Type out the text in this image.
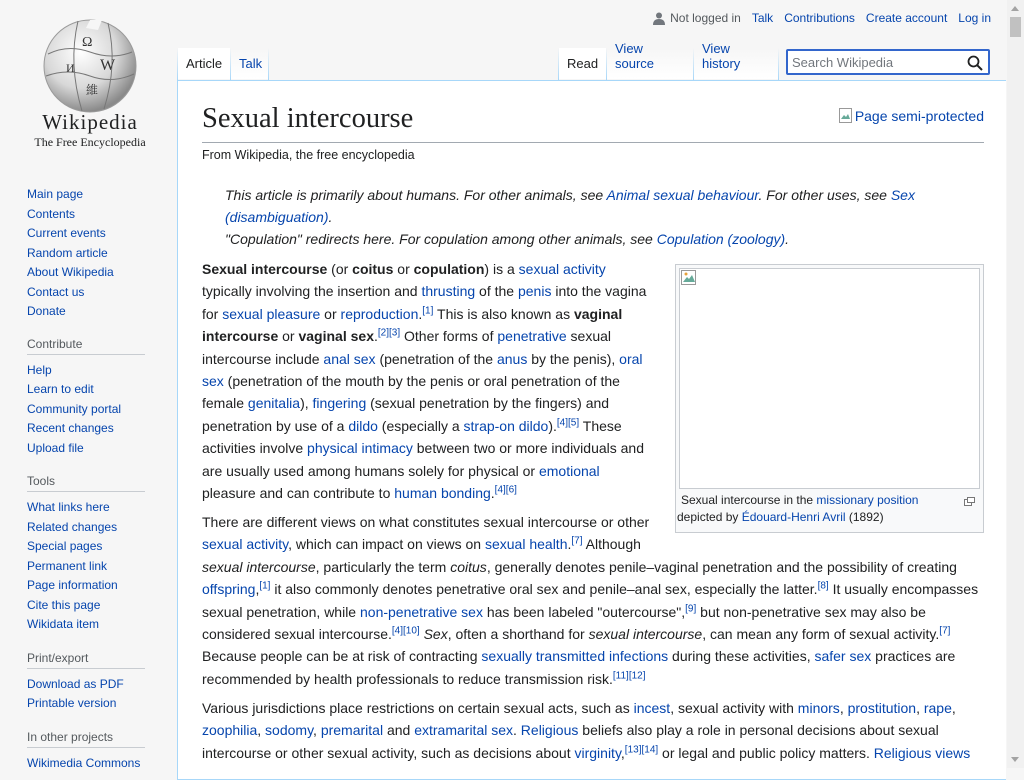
Ω
W
И
維
Wikipedia
The Free Encyclopedia
Not logged in Talk Contributions Create account Log in
Article	Talk	Read
View source
View history
Search Wikipedia
Main page
Contents
Current events
Random article
About Wikipedia
Contact us
Donate
Contribute
Help
Learn to edit
Community portal
Recent changes
Upload file
Tools
What links here
Related changes
Special pages
Permanent link
Page information
Cite this page
Wikidata item
Print/export
Download as PDF
Printable version
In other projects
Wikimedia Commons
Sexual intercourse	Page semi-protected
From Wikipedia, the free encyclopedia
This article is primarily about humans. For other animals, see Animal sexual behaviour. For other uses, see Sex (disambiguation).
"Copulation" redirects here. For copulation among other animals, see Copulation (zoology).
Sexual intercourse in the missionary position
depicted by Édouard-Henri Avril (1892)
Sexual intercourse (or coitus or copulation) is a sexual activity typically involving the insertion and thrusting of the penis into the vagina for sexual pleasure or reproduction.[1] This is also known as vaginal intercourse or vaginal sex.[2][3] Other forms of penetrative sexual intercourse include anal sex (penetration of the anus by the penis), oral sex (penetration of the mouth by the penis or oral penetration of the female genitalia), fingering (sexual penetration by the fingers) and penetration by use of a dildo (especially a strap-on dildo).[4][5] These activities involve physical intimacy between two or more individuals and are usually used among humans solely for physical or emotional pleasure and can contribute to human bonding.[4][6]
There are different views on what constitutes sexual intercourse or other
sexual activity, which can impact on views on sexual health.[7] Although
sexual intercourse, particularly the term coitus, generally denotes penile–vaginal penetration and the possibility of creating offspring,[1] it also commonly denotes penetrative oral sex and penile–anal sex, especially the latter.[8] It usually encompasses sexual penetration, while non-penetrative sex has been labeled "outercourse",[9] but non-penetrative sex may also be considered sexual intercourse.[4][10] Sex, often a shorthand for sexual intercourse, can mean any form of sexual activity.[7] Because people can be at risk of contracting sexually transmitted infections during these activities, safer sex practices are recommended by health professionals to reduce transmission risk.[11][12]
Various jurisdictions place restrictions on certain sexual acts, such as incest, sexual activity with minors, prostitution, rape, zoophilia, sodomy, premarital and extramarital sex. Religious beliefs also play a role in personal decisions about sexual intercourse or other sexual activity, such as decisions about virginity,[13][14] or legal and public policy matters. Religious views
